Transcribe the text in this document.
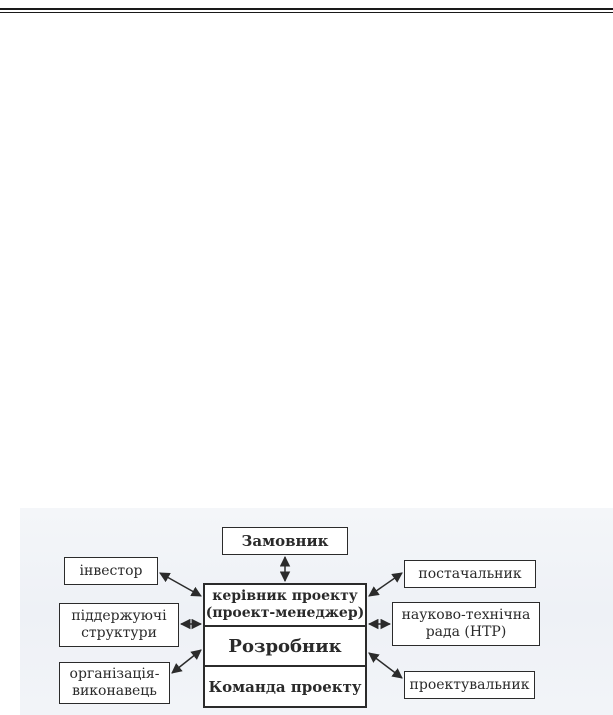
Замовник
керівник проекту
(проект-менеджер)
Розробник
Команда проекту
інвестор
піддержуючі
структури
організація-
виконавець
постачальник
науково-технічна
рада (НТР)
проектувальник
